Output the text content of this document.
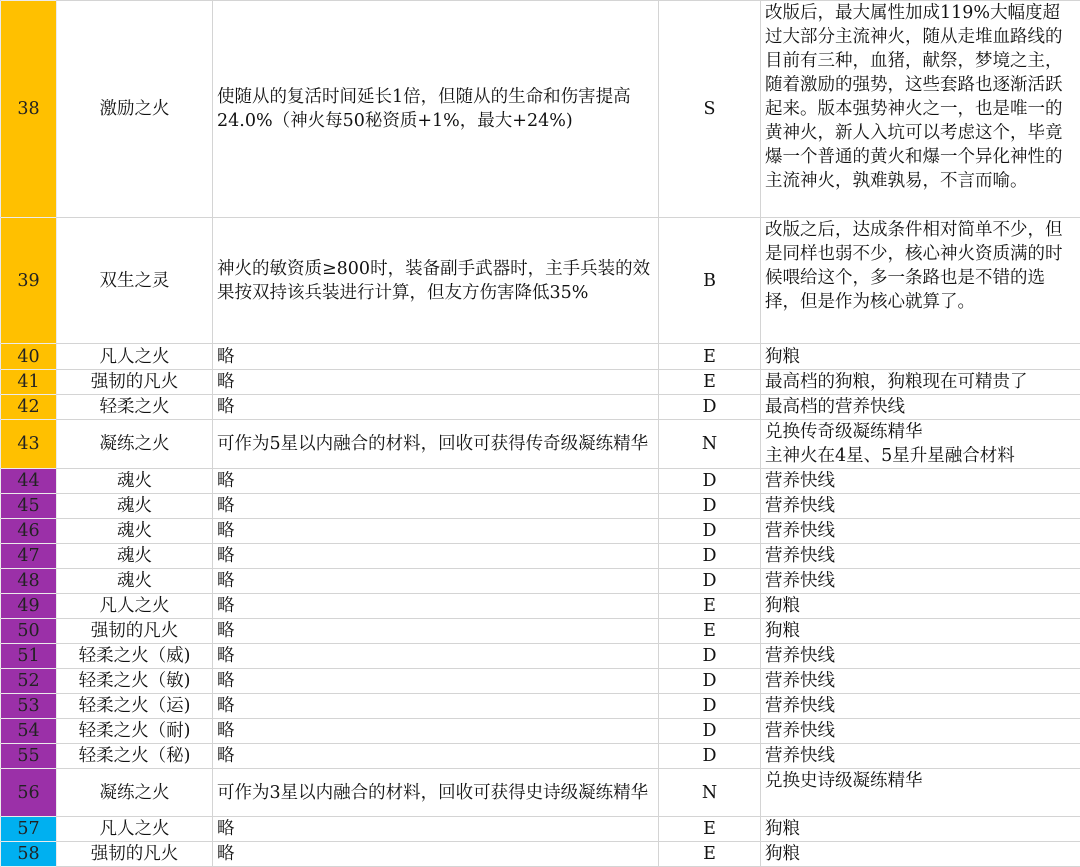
38	激励之火	使随从的复活时间延长1倍，但随从的生命和伤害提高24.0%（神火每50秘资质+1%，最大+24%)	S	改版后，最大属性加成119%大幅度超过大部分主流神火，随从走堆血路线的目前有三种，血猪，献祭，梦境之主，随着激励的强势，这些套路也逐渐活跃起来。版本强势神火之一，也是唯一的黄神火，新人入坑可以考虑这个，毕竟爆一个普通的黄火和爆一个异化神性的主流神火，孰难孰易，不言而喻。
39	双生之灵	神火的敏资质≥800时，装备副手武器时，主手兵装的效果按双持该兵装进行计算，但友方伤害降低35%	B	改版之后，达成条件相对简单不少，但是同样也弱不少，核心神火资质满的时候喂给这个，多一条路也是不错的选择，但是作为核心就算了。
40	凡人之火	略	E	狗粮
41	强韧的凡火	略	E	最高档的狗粮，狗粮现在可精贵了
42	轻柔之火	略	D	最高档的营养快线
43	凝练之火	可作为5星以内融合的材料，回收可获得传奇级凝练精华	N	兑换传奇级凝练精华
主神火在4星、5星升星融合材料
44	魂火	略	D	营养快线
45	魂火	略	D	营养快线
46	魂火	略	D	营养快线
47	魂火	略	D	营养快线
48	魂火	略	D	营养快线
49	凡人之火	略	E	狗粮
50	强韧的凡火	略	E	狗粮
51	轻柔之火（威)	略	D	营养快线
52	轻柔之火（敏)	略	D	营养快线
53	轻柔之火（运)	略	D	营养快线
54	轻柔之火（耐)	略	D	营养快线
55	轻柔之火（秘)	略	D	营养快线
56	凝练之火	可作为3星以内融合的材料，回收可获得史诗级凝练精华	N	兑换史诗级凝练精华
57	凡人之火	略	E	狗粮
58	强韧的凡火	略	E	狗粮
